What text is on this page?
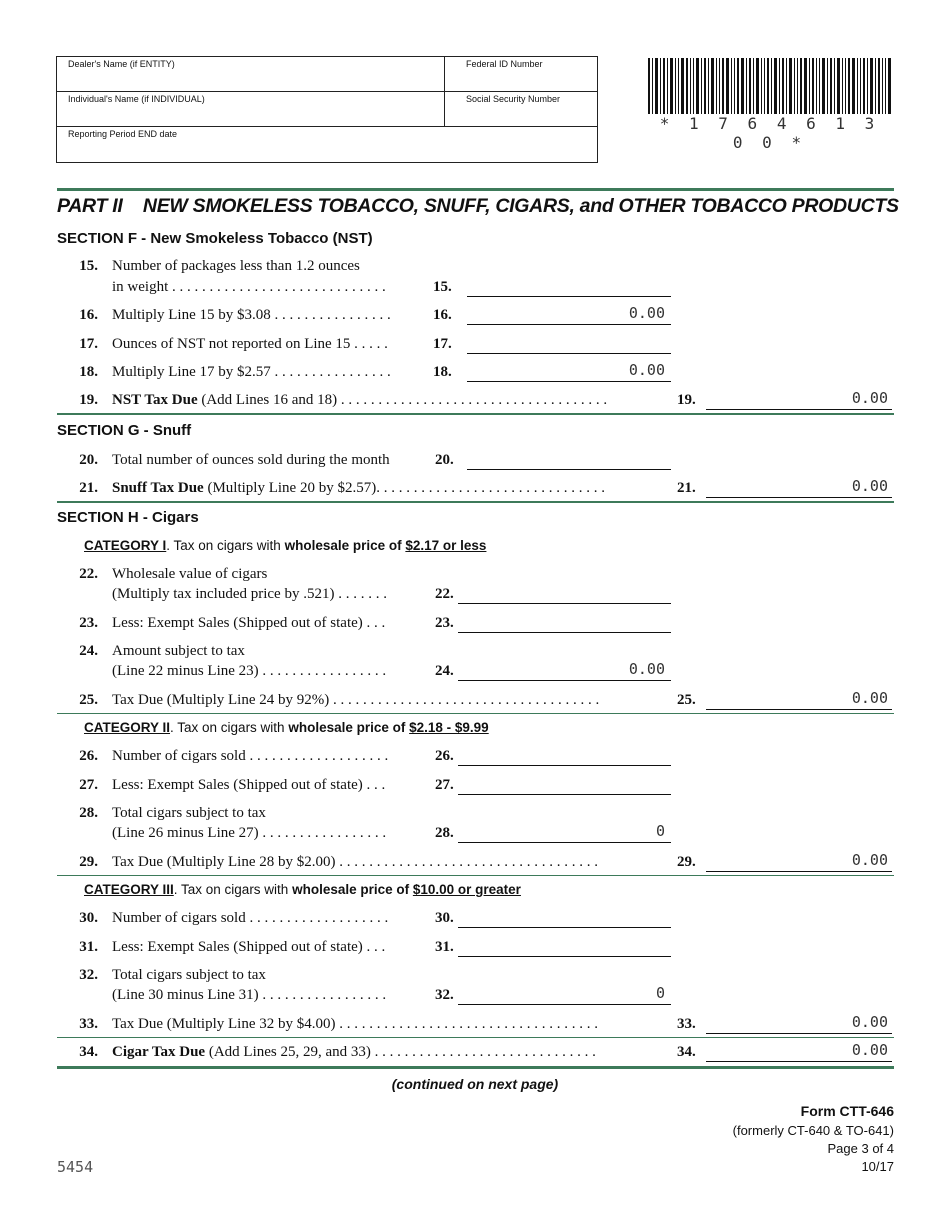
Dealer's Name (if ENTITY)	Federal ID Number
Individual's Name (if INDIVIDUAL)	Social Security Number
Reporting Period END date
* 1 7 6 4 6 1 3 0 0 *
PART II    NEW SMOKELESS TOBACCO, SNUFF, CIGARS, and OTHER TOBACCO PRODUCTS
SECTION F - New Smokeless Tobacco (NST)
15. Number of packages less than 1.2 ounces
in weight . . . . . . . . . . . . . . . . . . . . . . . . . . . . .	15.
16. Multiply Line 15 by $3.08 . . . . . . . . . . . . . . . .	16.	0.00
17. Ounces of NST not reported on Line 15 . . . . .	17.
18. Multiply Line 17 by $2.57 . . . . . . . . . . . . . . . .	18.	0.00
19. NST Tax Due (Add Lines 16 and 18) . . . . . . . . . . . . . . . . . . . . . . . . . . . . . . . . . . . .	19.	0.00
SECTION G - Snuff
20. Total number of ounces sold during the month	20.
21. Snuff Tax Due (Multiply Line 20 by $2.57). . . . . . . . . . . . . . . . . . . . . . . . . . . . . . .	21.	0.00
SECTION H - Cigars
CATEGORY I. Tax on cigars with wholesale price of $2.17 or less
22. Wholesale value of cigars
(Multiply tax included price by .521) . . . . . . .	22.
23. Less: Exempt Sales (Shipped out of state) . . .	23.
24. Amount subject to tax
(Line 22 minus Line 23) . . . . . . . . . . . . . . . . .	24.	0.00
25. Tax Due (Multiply Line 24 by 92%) . . . . . . . . . . . . . . . . . . . . . . . . . . . . . . . . . . . .	25.	0.00
CATEGORY II. Tax on cigars with wholesale price of $2.18 - $9.99
26. Number of cigars sold . . . . . . . . . . . . . . . . . . .	26.
27. Less: Exempt Sales (Shipped out of state) . . .	27.
28. Total cigars subject to tax
(Line 26 minus Line 27) . . . . . . . . . . . . . . . . .	28.	0
29. Tax Due (Multiply Line 28 by $2.00) . . . . . . . . . . . . . . . . . . . . . . . . . . . . . . . . . . .	29.	0.00
CATEGORY III. Tax on cigars with wholesale price of $10.00 or greater
30. Number of cigars sold . . . . . . . . . . . . . . . . . . .	30.
31. Less: Exempt Sales (Shipped out of state) . . .	31.
32. Total cigars subject to tax
(Line 30 minus Line 31) . . . . . . . . . . . . . . . . .	32.	0
33. Tax Due (Multiply Line 32 by $4.00) . . . . . . . . . . . . . . . . . . . . . . . . . . . . . . . . . . .	33.	0.00
34. Cigar Tax Due (Add Lines 25, 29, and 33) . . . . . . . . . . . . . . . . . . . . . . . . . . . . . .	34.	0.00
(continued on next page)
Form CTT-646
(formerly CT-640 & TO-641)
Page 3 of 4
10/17
5454
